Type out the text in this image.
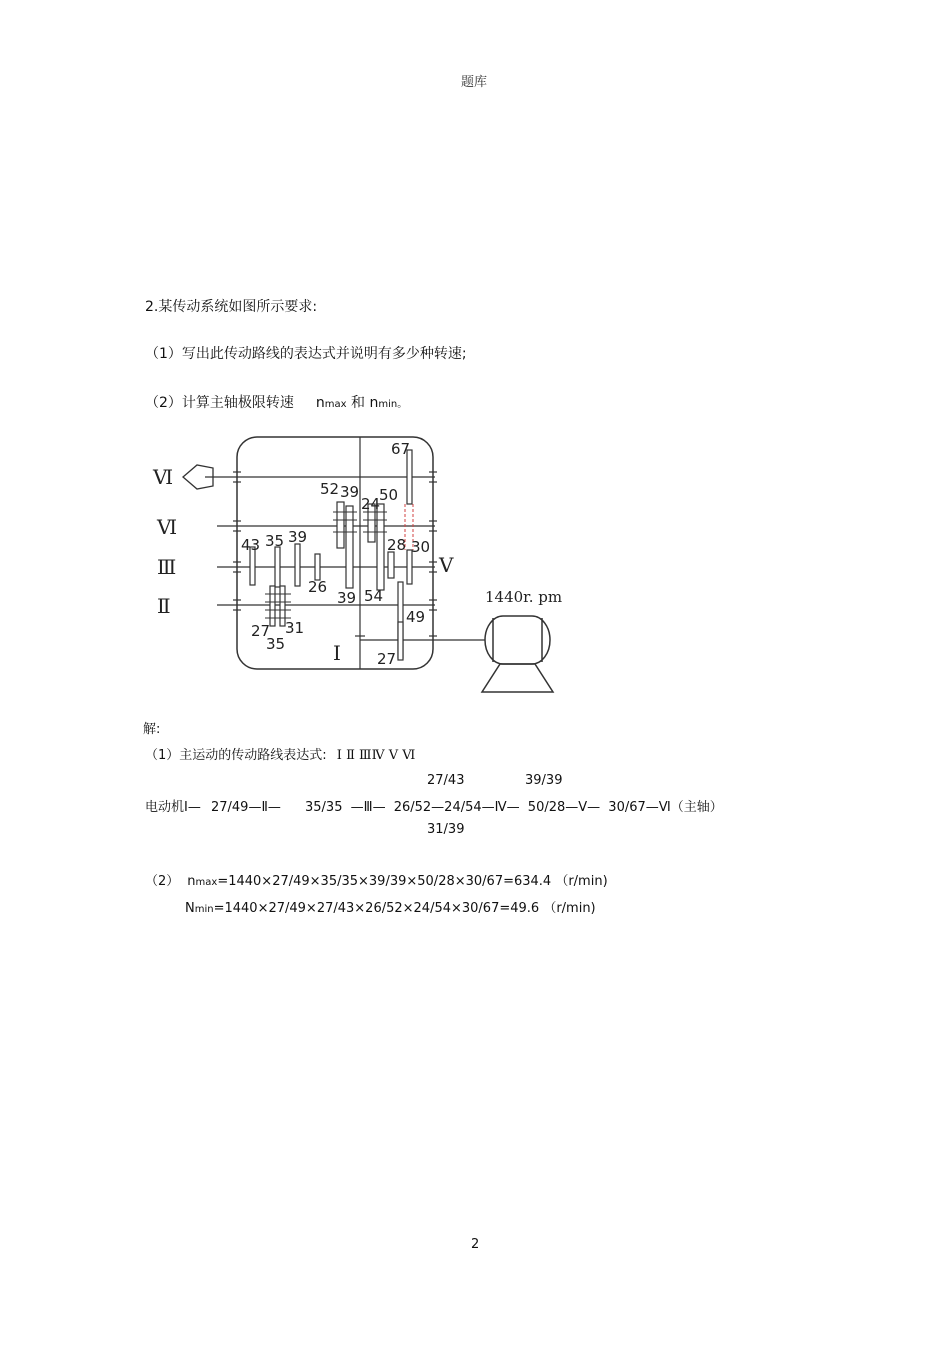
题库
2.某传动系统如图所示要求:
（1）写出此传动路线的表达式并说明有多少种转速;
（2）计算主轴极限转速 nmax 和 nmin。
Ⅵ
Ⅵ
Ⅲ
Ⅱ
Ⅴ
Ⅰ
67
52 39
24
50
43 35 39	28 30
26
39 54
49
27 31
35
27
1440r. pm
解:
（1）主运动的传动路线表达式: Ⅰ Ⅱ ⅢⅣ Ⅴ Ⅵ
27/43	39/39
电动机Ⅰ— 27/49—Ⅱ— 35/35 —Ⅲ— 26/52—24/54—Ⅳ— 50/28—Ⅴ— 30/67—Ⅵ（主轴）
31/39
（2） nmax=1440×27/49×35/35×39/39×50/28×30/67=634.4 （r/min)
Nmin=1440×27/49×27/43×26/52×24/54×30/67=49.6 （r/min)
2
